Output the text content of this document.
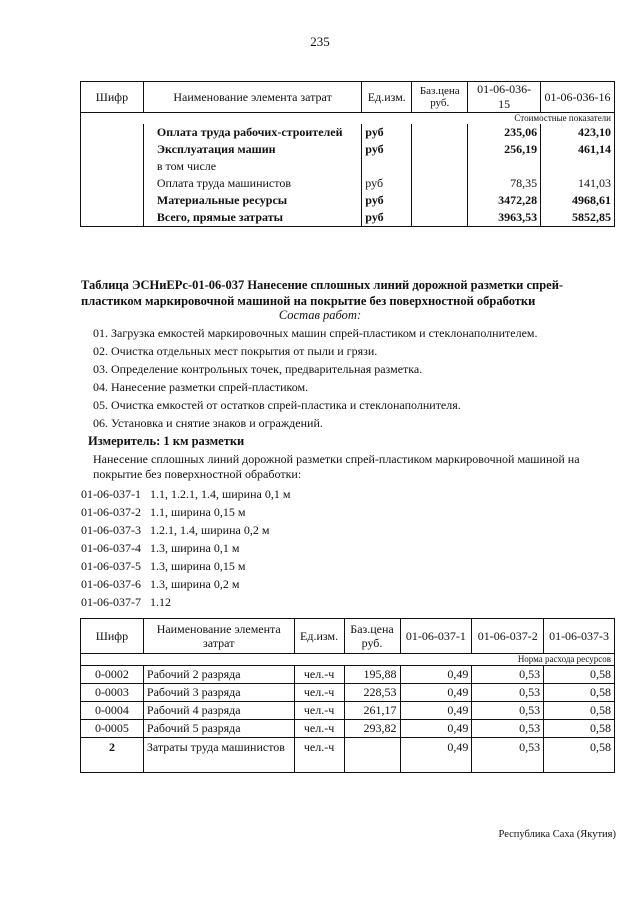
235
Шифр	Наименование элемента затрат	Ед.изм.	Баз.цена руб.	01-06-036-15	01-06-036-16
Стоимостные показатели					
	Оплата труда рабочих-строителей	руб		235,06	423,10
	Эксплуатация машин	руб		256,19	461,14
	в том числе				
	Оплата труда машинистов	руб		78,35	141,03
	Материальные ресурсы	руб		3472,28	4968,61
	Всего, прямые затраты	руб		3963,53	5852,85
Таблица ЭСНиЕРс-01-06-037 Нанесение сплошных линий дорожной разметки спрей-пластиком маркировочной машиной на покрытие без поверхностной обработки
Состав работ:
01. Загрузка емкостей маркировочных машин спрей-пластиком и стеклонаполнителем.
02. Очистка отдельных мест покрытия от пыли и грязи.
03. Определение контрольных точек, предварительная разметка.
04. Нанесение разметки спрей-пластиком.
05. Очистка емкостей от остатков спрей-пластика и стеклонаполнителя.
06. Установка и снятие знаков и ограждений.
Измеритель: 1 км разметки
Нанесение сплошных линий дорожной разметки спрей-пластиком маркировочной машиной на покрытие без поверхностной обработки:
01-06-037-1 1.1, 1.2.1, 1.4, ширина 0,1 м
01-06-037-2 1.1, ширина 0,15 м
01-06-037-3 1.2.1, 1.4, ширина 0,2 м
01-06-037-4 1.3, ширина 0,1 м
01-06-037-5 1.3, ширина 0,15 м
01-06-037-6 1.3, ширина 0,2 м
01-06-037-7 1.12
Шифр	Наименование элемента затрат	Ед.изм.	Баз.цена руб.	01-06-037-1	01-06-037-2	01-06-037-3
Норма расхода ресурсов						
0-0002	Рабочий 2 разряда	чел.-ч	195,88	0,49	0,53	0,58
0-0003	Рабочий 3 разряда	чел.-ч	228,53	0,49	0,53	0,58
0-0004	Рабочий 4 разряда	чел.-ч	261,17	0,49	0,53	0,58
0-0005	Рабочий 5 разряда	чел.-ч	293,82	0,49	0,53	0,58
2	Затраты труда машинистов	чел.-ч		0,49	0,53	0,58
Республика Саха (Якутия)
